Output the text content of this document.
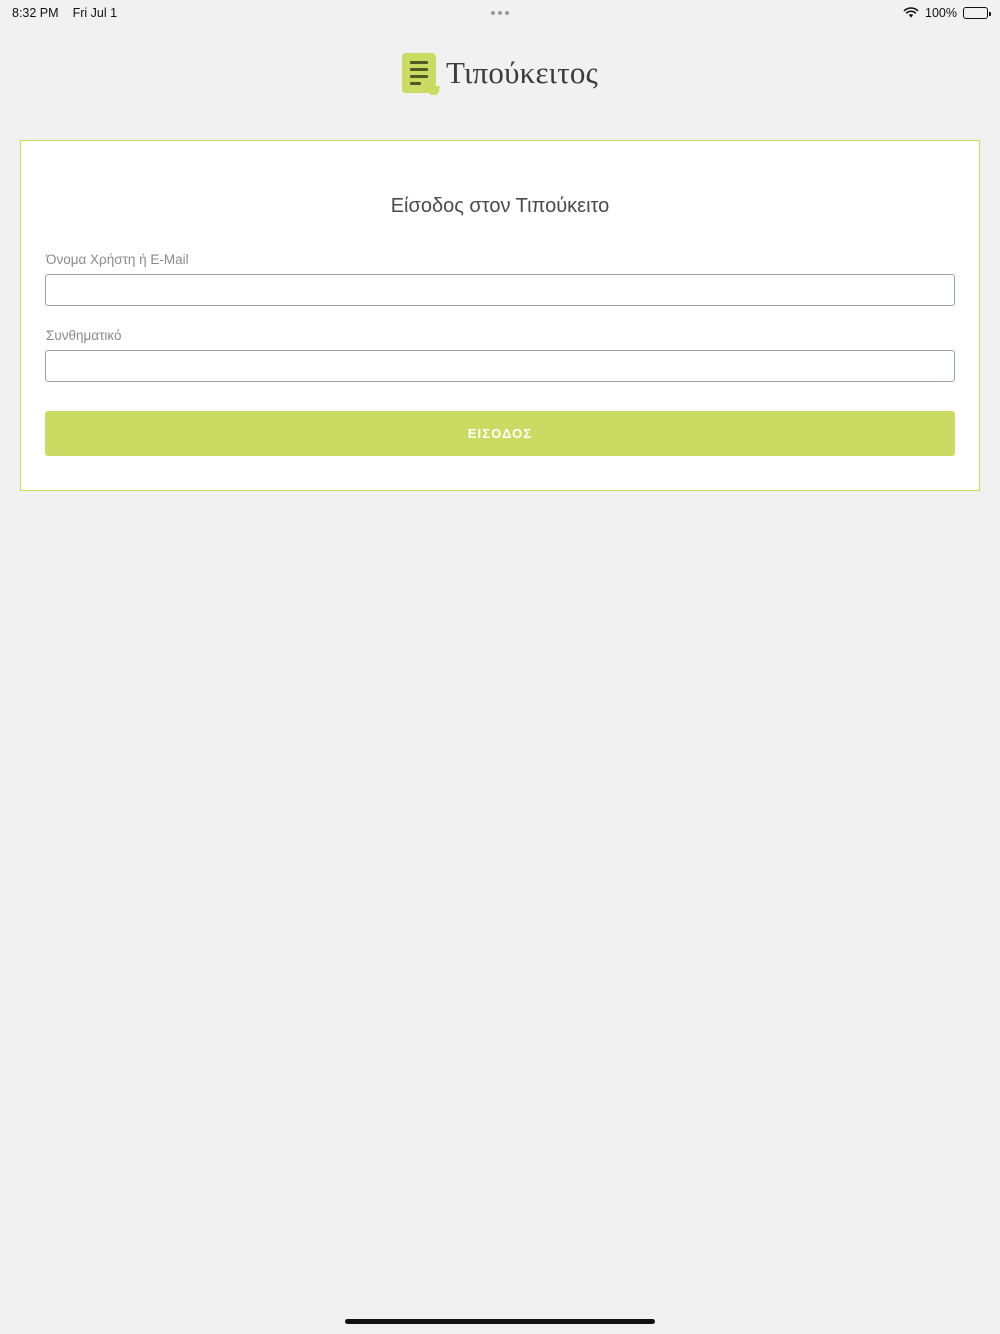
8:32 PM Fri Jul 1	100%
Τιπούκειτος
Είσοδος στον Τιπούκειτο
Όνομα Χρήστη ή E-Mail
Συνθηματικό
ΕΙΣΟΔΟΣ
